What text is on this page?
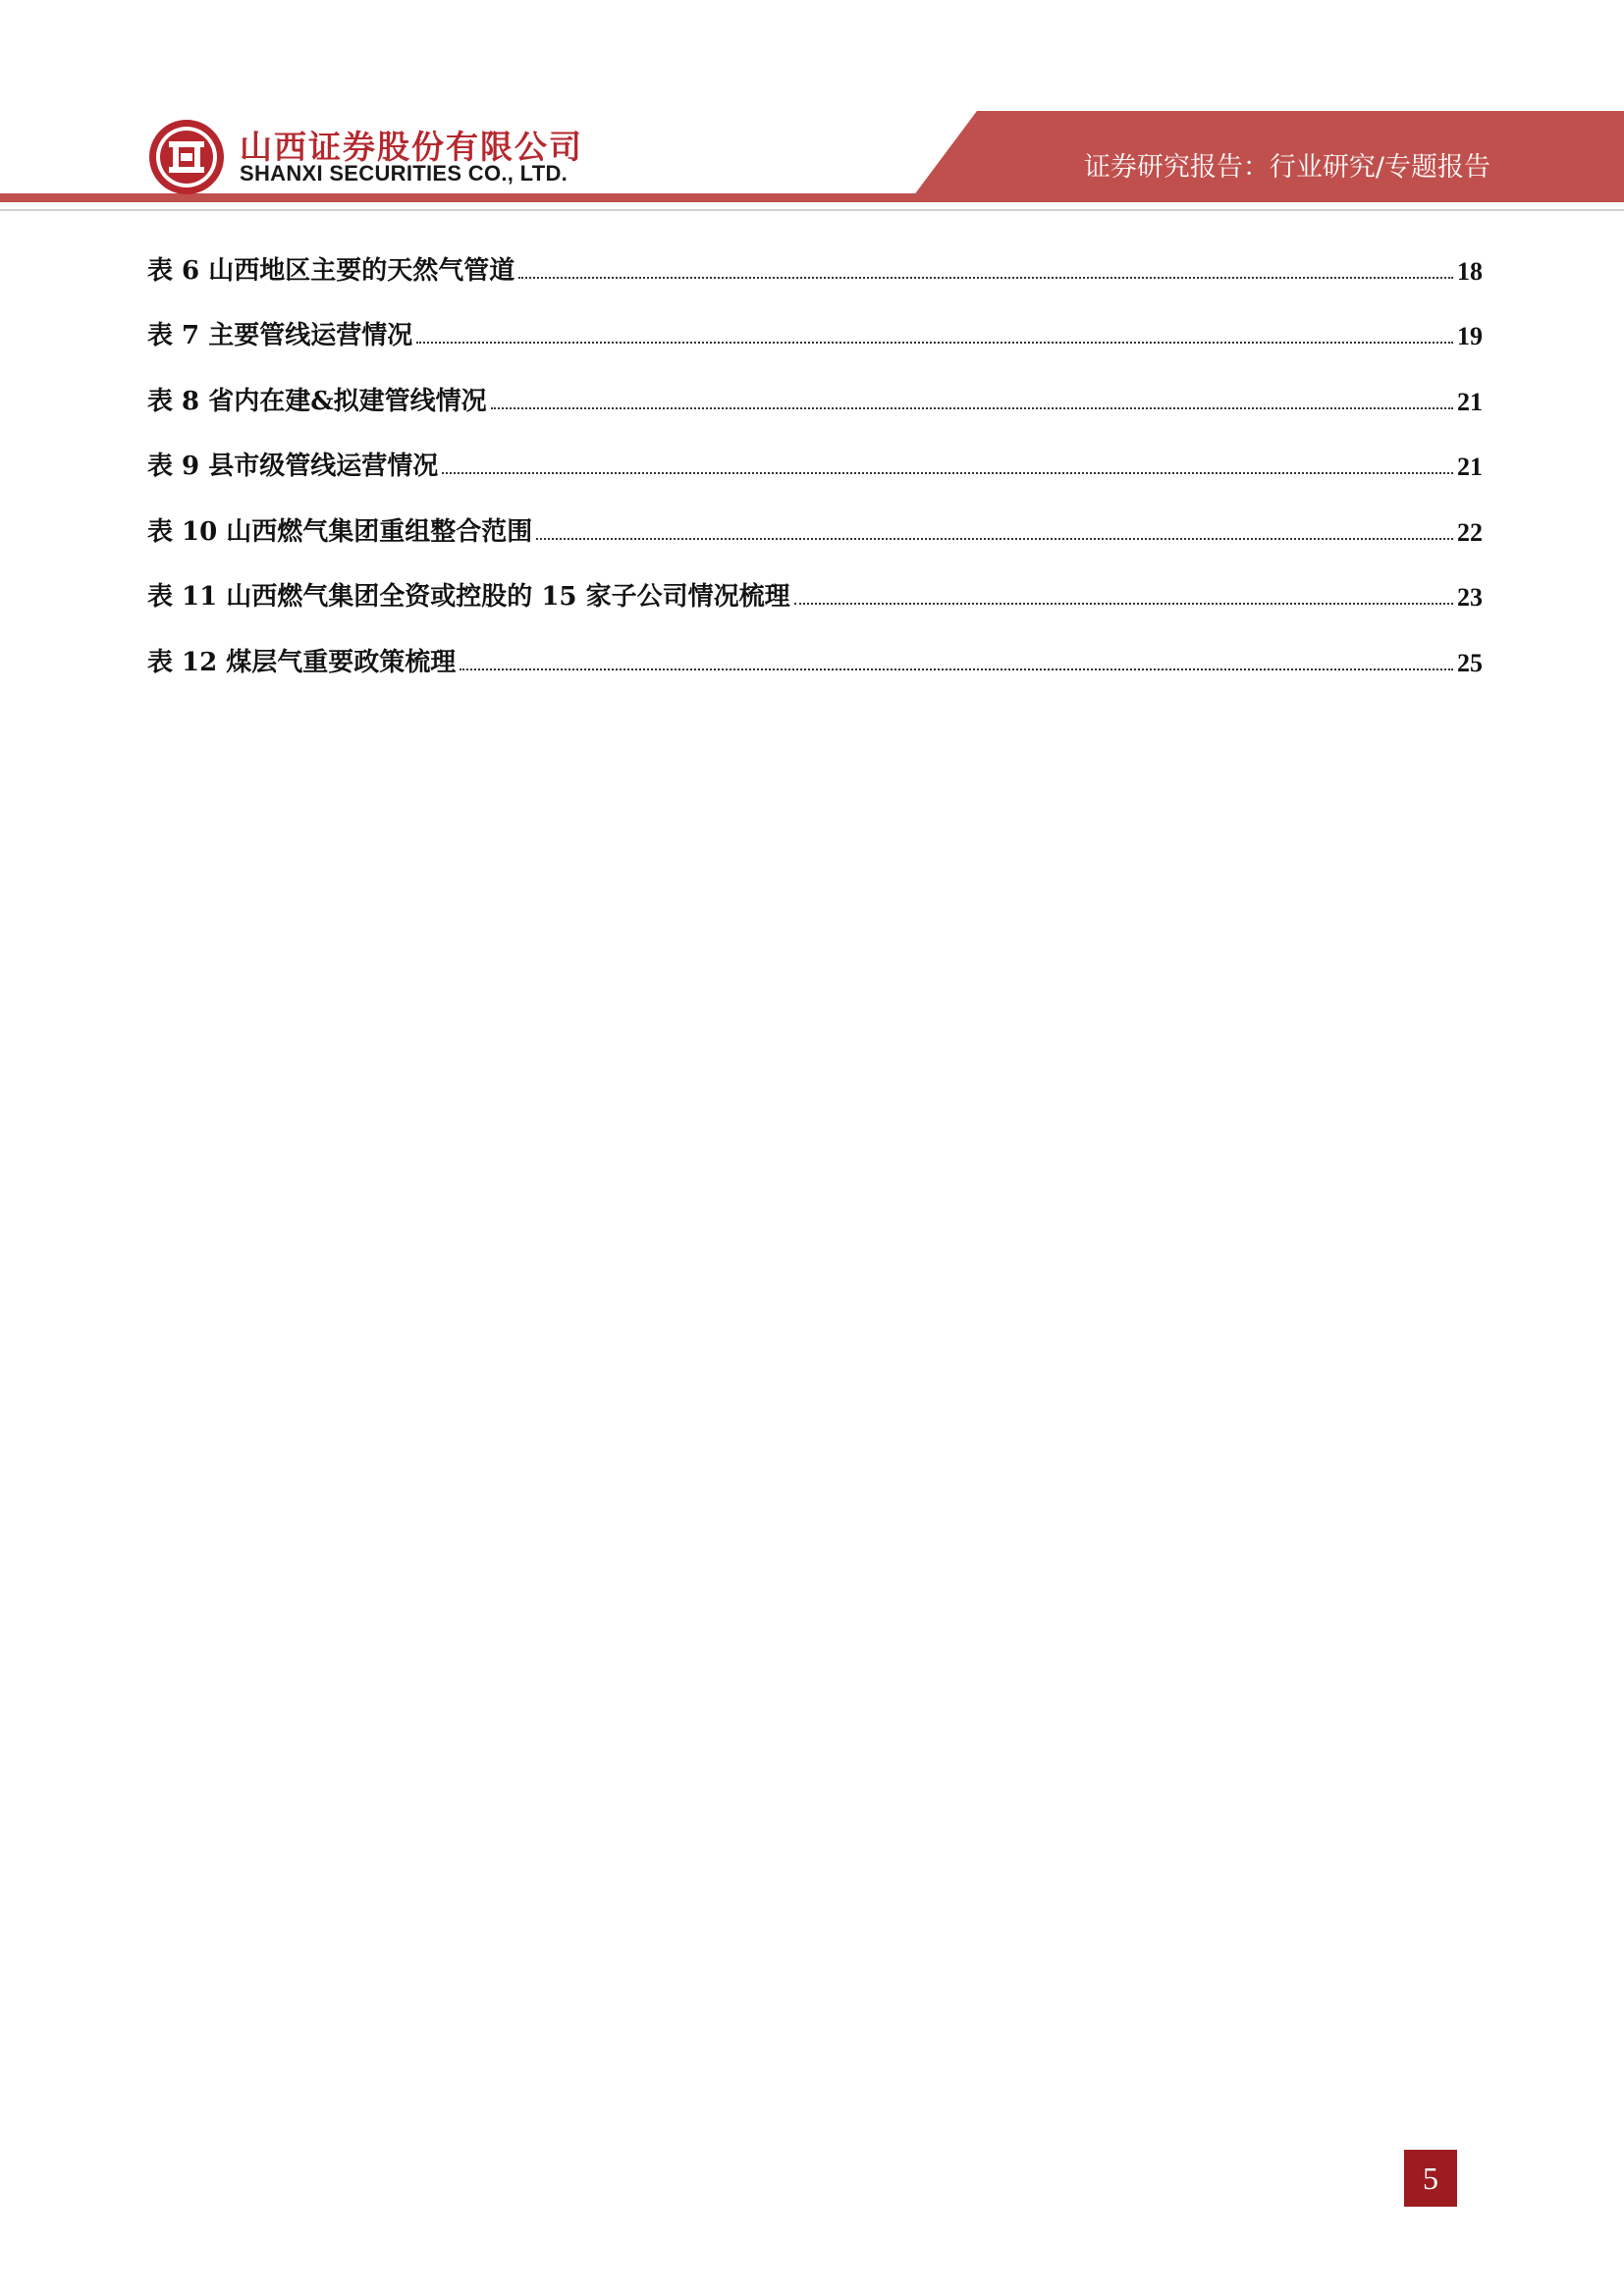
山西证券股份有限公司
SHANXI SECURITIES CO., LTD.	证券研究报告：行业研究/专题报告
表 6 山西地区主要的天然气管道	18
表 7 主要管线运营情况	19
表 8 省内在建&拟建管线情况	21
表 9 县市级管线运营情况	21
表 10 山西燃气集团重组整合范围	22
表 11 山西燃气集团全资或控股的 15 家子公司情况梳理	23
表 12 煤层气重要政策梳理	25
5
